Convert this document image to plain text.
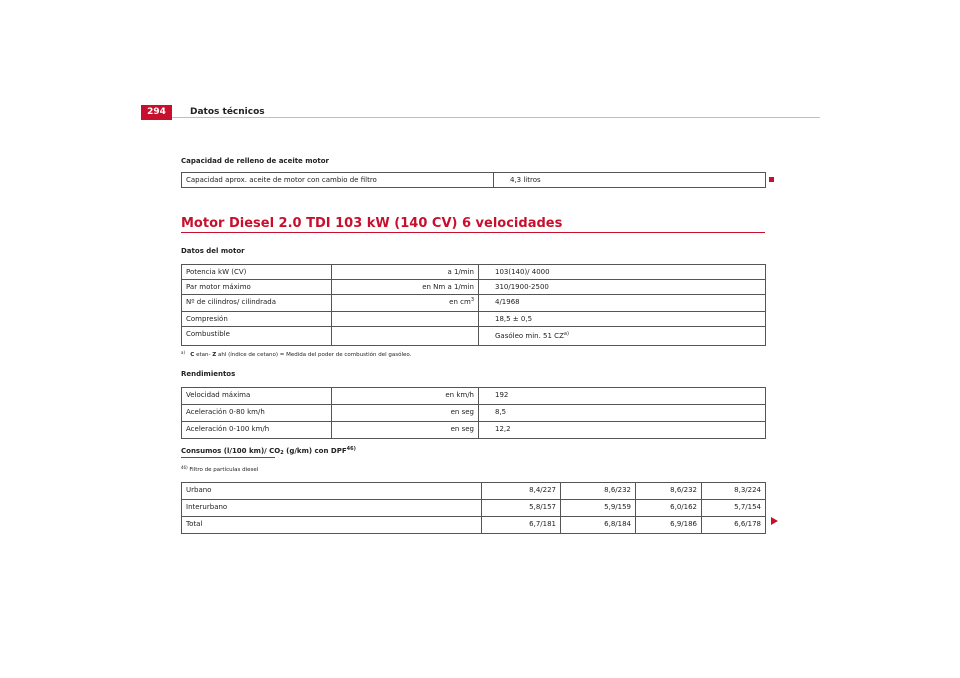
294	Datos técnicos
Capacidad de relleno de aceite motor
Capacidad aprox. aceite de motor con cambio de filtro	4,3 litros
Motor Diesel 2.0 TDI 103 kW (140 CV) 6 velocidades
Datos del motor
Potencia kW (CV)	a 1/min	103(140)/ 4000
Par motor máximo	en Nm a 1/min	310/1900-2500
Nº de cilindros/ cilindrada	en $cm^3$	4/1968
Compresión		18,5 ± 0,5
Combustible		Gasóleo min. 51 CZ$^{a)}$
$^{a)}$ C etan- Z ahl (índice de cetano) = Medida del poder de combustión del gasóleo.
Rendimientos
Velocidad máxima	en km/h	192
Aceleración 0-80 km/h	en seg	8,5
Aceleración 0-100 km/h	en seg	12,2
Consumos (l/100 km)/ $CO_2$ (g/km) con DPF$^{46)}$
$^{46)}$ Filtro de partículas diesel
Urbano	8,4/227	8,6/232	8,6/232	8,3/224
Interurbano	5,8/157	5,9/159	6,0/162	5,7/154
Total	6,7/181	6,8/184	6,9/186	6,6/178
